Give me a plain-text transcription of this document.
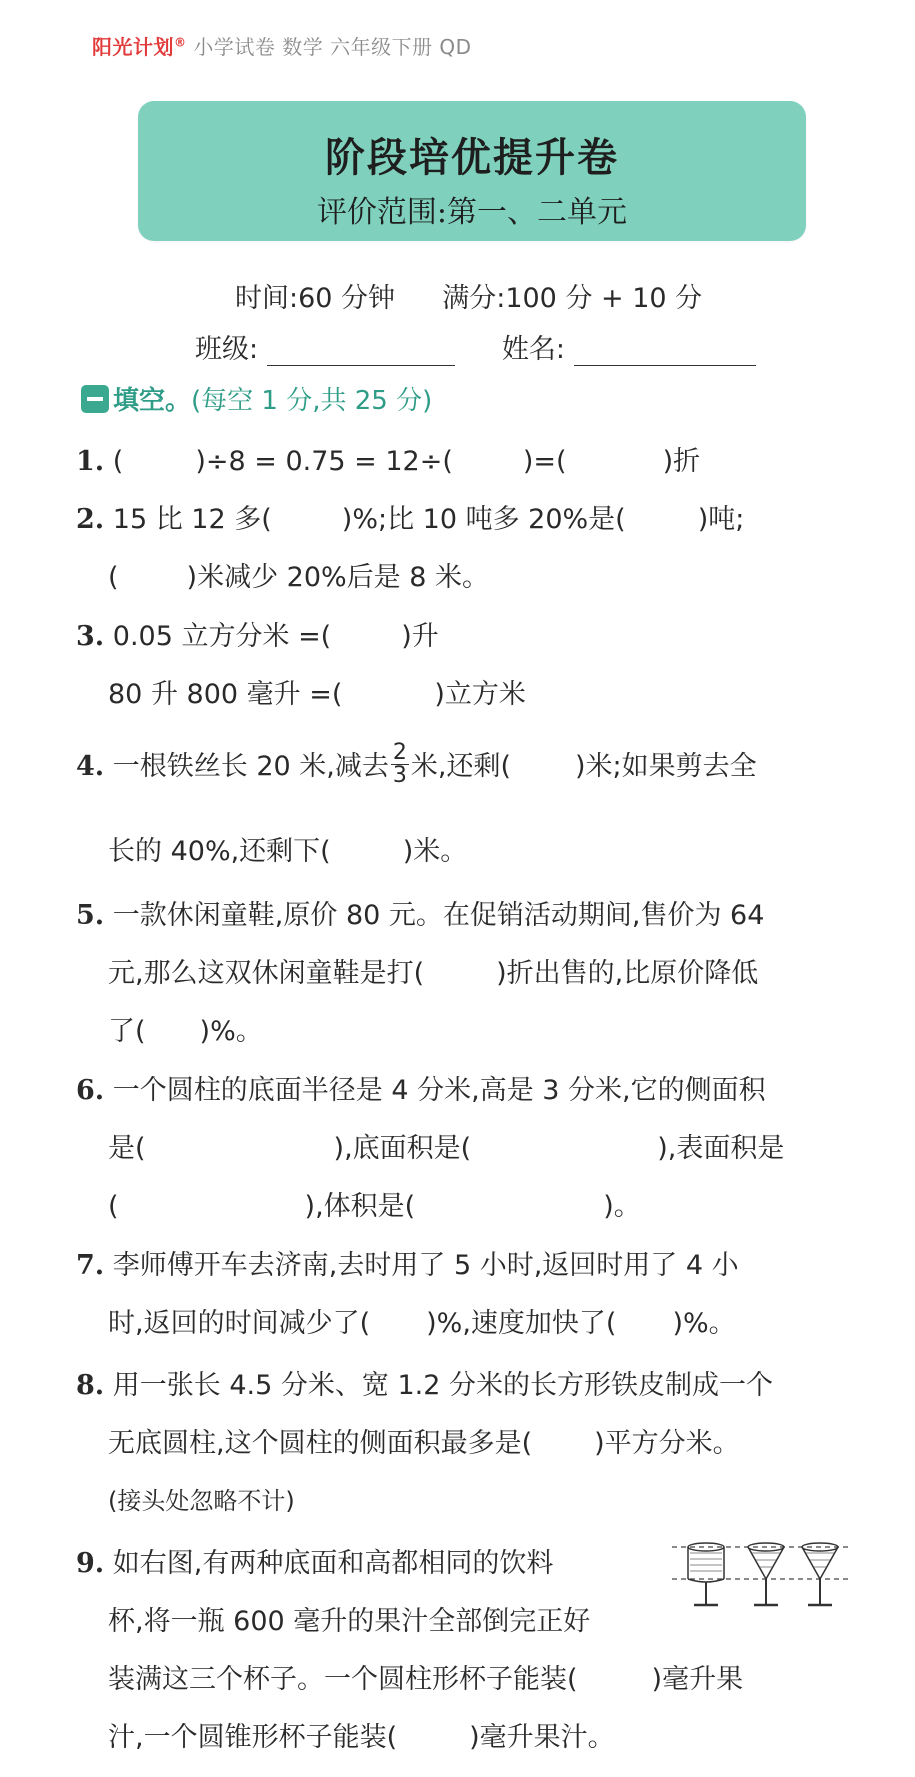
阳光计划® 小学试卷 数学 六年级下册 QD
阶段培优提升卷
评价范围:第一、二单元
时间:60 分钟 满分:100 分 + 10 分
班级:	姓名:
填空。(每空 1 分,共 25 分)
1. (	)÷8 = 0.75 = 12÷(	)=(	)折
2. 15 比 12 多(	)%;比 10 吨多 20%是(	)吨;
(	)米减少 20%后是 8 米。
3. 0.05 立方分米 =(	)升
80 升 800 毫升 =(	)立方米
4. 一根铁丝长 20 米,减去 $\frac{2}{3}$ 米,还剩( )米;如果剪去全
长的 40%,还剩下(	)米。
5. 一款休闲童鞋,原价 80 元。在促销活动期间,售价为 64
元,那么这双休闲童鞋是打(	)折出售的,比原价降低
了( )%。
6. 一个圆柱的底面半径是 4 分米,高是 3 分米,它的侧面积
是(	),底面积是(	),表面积是
(	),体积是(	)。
7. 李师傅开车去济南,去时用了 5 小时,返回时用了 4 小
时,返回的时间减少了( )%,速度加快了( )%。
8. 用一张长 4.5 分米、宽 1.2 分米的长方形铁皮制成一个
无底圆柱,这个圆柱的侧面积最多是( )平方分米。
(接头处忽略不计)
9. 如右图,有两种底面和高都相同的饮料
杯,将一瓶 600 毫升的果汁全部倒完正好
装满这三个杯子。一个圆柱形杯子能装(	)毫升果
汁,一个圆锥形杯子能装(	)毫升果汁。
